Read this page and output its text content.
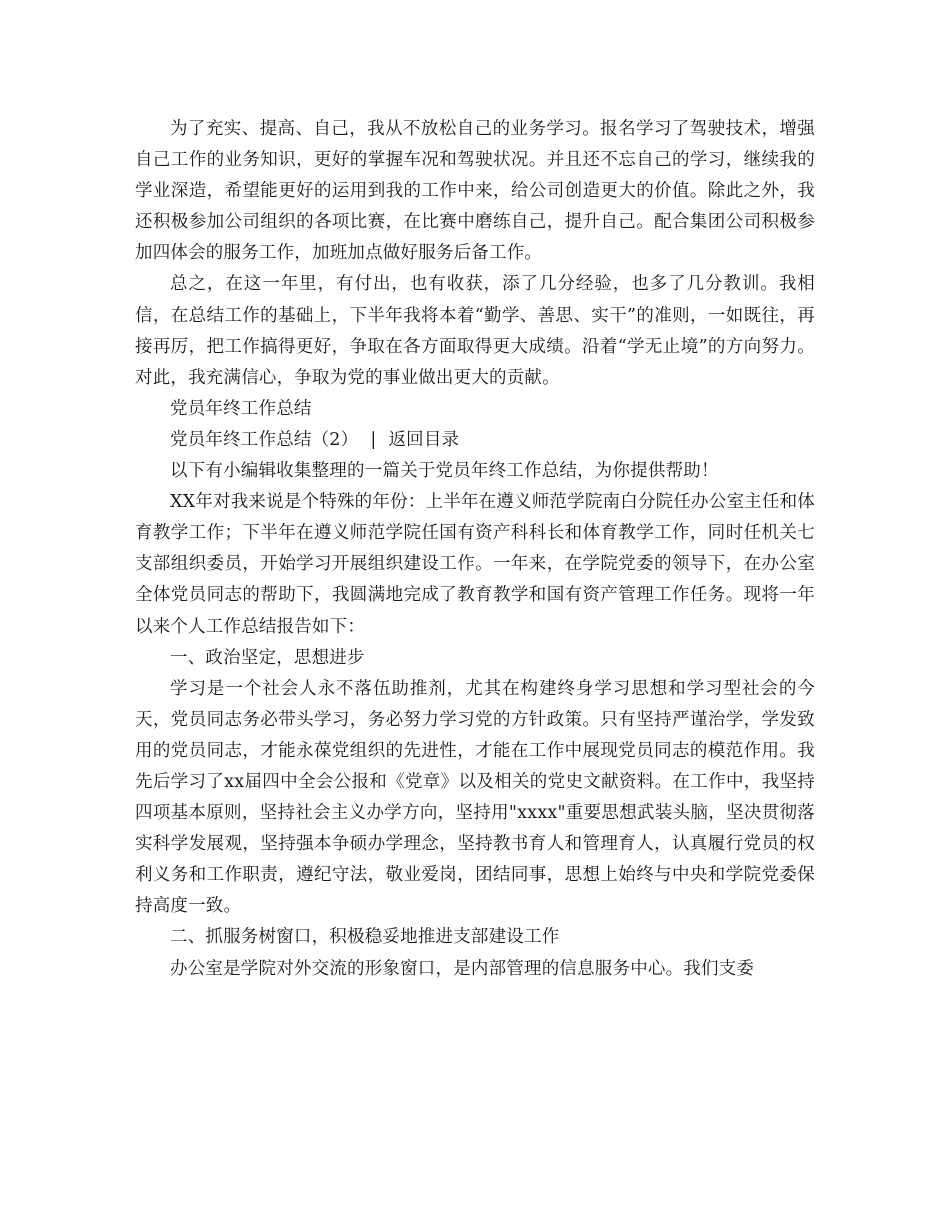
为了充实、提高、自己，我从不放松自己的业务学习。报名学习了驾驶技术，增强自己工作的业务知识，更好的掌握车况和驾驶状况。并且还不忘自己的学习，继续我的学业深造，希望能更好的运用到我的工作中来，给公司创造更大的价值。除此之外，我还积极参加公司组织的各项比赛，在比赛中磨练自己，提升自己。配合集团公司积极参加四体会的服务工作，加班加点做好服务后备工作。

总之，在这一年里，有付出，也有收获，添了几分经验，也多了几分教训。我相信，在总结工作的基础上，下半年我将本着“勤学、善思、实干”的准则，一如既往，再接再厉，把工作搞得更好，争取在各方面取得更大成绩。沿着“学无止境”的方向努力。对此，我充满信心，争取为党的事业做出更大的贡献。

党员年终工作总结

党员年终工作总结（2） | 返回目录

以下有小编辑收集整理的一篇关于党员年终工作总结，为你提供帮助！

XX年对我来说是个特殊的年份：上半年在遵义师范学院南白分院任办公室主任和体育教学工作；下半年在遵义师范学院任国有资产科科长和体育教学工作，同时任机关七支部组织委员，开始学习开展组织建设工作。一年来，在学院党委的领导下，在办公室全体党员同志的帮助下，我圆满地完成了教育教学和国有资产管理工作任务。现将一年以来个人工作总结报告如下：

一、政治坚定，思想进步

学习是一个社会人永不落伍助推剂，尤其在构建终身学习思想和学习型社会的今天，党员同志务必带头学习，务必努力学习党的方针政策。只有坚持严谨治学，学发致用的党员同志，才能永葆党组织的先进性，才能在工作中展现党员同志的模范作用。我先后学习了xx届四中全会公报和《党章》以及相关的党史文献资料。在工作中，我坚持四项基本原则，坚持社会主义办学方向，坚持用"xxxx"重要思想武装头脑，坚决贯彻落实科学发展观，坚持强本争硕办学理念，坚持教书育人和管理育人，认真履行党员的权利义务和工作职责，遵纪守法，敬业爱岗，团结同事，思想上始终与中央和学院党委保持高度一致。

二、抓服务树窗口，积极稳妥地推进支部建设工作

办公室是学院对外交流的形象窗口，是内部管理的信息服务中心。我们支委
